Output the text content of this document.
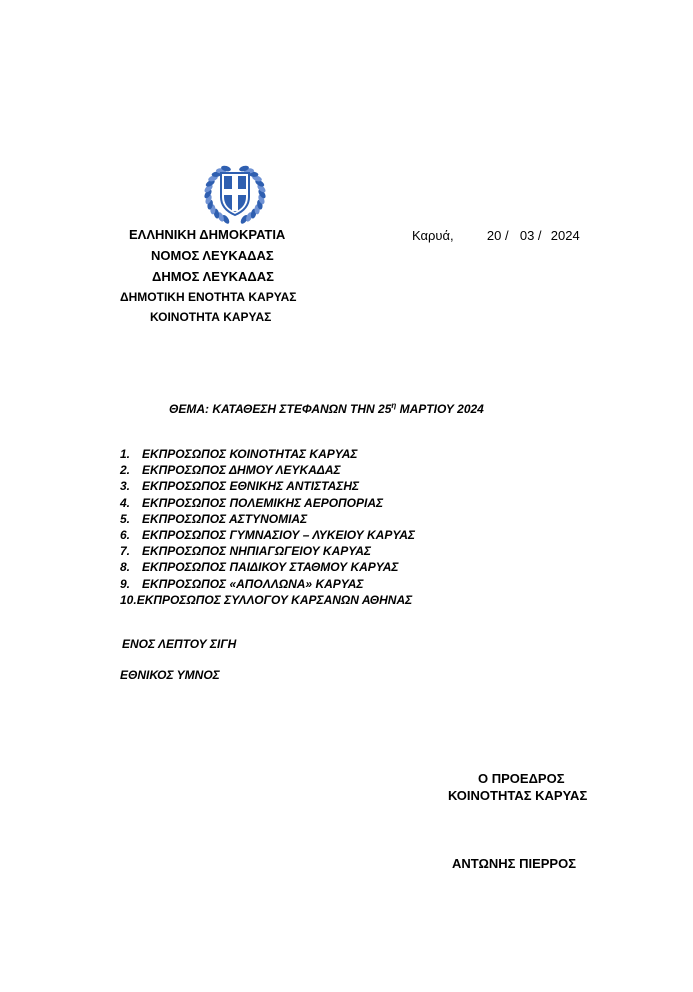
ΕΛΛΗΝΙΚΗ ΔΗΜΟΚΡΑΤΙΑ
ΝΟΜΟΣ ΛΕΥΚΑΔΑΣ
ΔΗΜΟΣ ΛΕΥΚΑΔΑΣ
ΔΗΜΟΤΙΚΗ ΕΝΟΤΗΤΑ ΚΑΡΥΑΣ
ΚΟΙΝΟΤΗΤΑ ΚΑΡΥΑΣ
Καρυά,	20 / 03 / 2024
ΘΕΜΑ: ΚΑΤΑΘΕΣΗ ΣΤΕΦΑΝΩΝ ΤΗΝ $25^\eta$ ΜΑΡΤΙΟΥ 2024
1. ΕΚΠΡΟΣΩΠΟΣ ΚΟΙΝΟΤΗΤΑΣ ΚΑΡΥΑΣ
2. ΕΚΠΡΟΣΩΠΟΣ ΔΗΜΟΥ ΛΕΥΚΑΔΑΣ
3. ΕΚΠΡΟΣΩΠΟΣ ΕΘΝΙΚΗΣ ΑΝΤΙΣΤΑΣΗΣ
4. ΕΚΠΡΟΣΩΠΟΣ ΠΟΛΕΜΙΚΗΣ ΑΕΡΟΠΟΡΙΑΣ
5. ΕΚΠΡΟΣΩΠΟΣ ΑΣΤΥΝΟΜΙΑΣ
6. ΕΚΠΡΟΣΩΠΟΣ ΓΥΜΝΑΣΙΟΥ – ΛΥΚΕΙΟΥ ΚΑΡΥΑΣ
7. ΕΚΠΡΟΣΩΠΟΣ ΝΗΠΙΑΓΩΓΕΙΟΥ ΚΑΡΥΑΣ
8. ΕΚΠΡΟΣΩΠΟΣ ΠΑΙΔΙΚΟΥ ΣΤΑΘΜΟΥ ΚΑΡΥΑΣ
9. ΕΚΠΡΟΣΩΠΟΣ «ΑΠΟΛΛΩΝΑ» ΚΑΡΥΑΣ
10.ΕΚΠΡΟΣΩΠΟΣ ΣΥΛΛΟΓΟΥ ΚΑΡΣΑΝΩΝ ΑΘΗΝΑΣ
ΕΝΟΣ ΛΕΠΤΟΥ ΣΙΓΗ
ΕΘΝΙΚΟΣ ΥΜΝΟΣ
Ο ΠΡΟΕΔΡΟΣ
ΚΟΙΝΟΤΗΤΑΣ ΚΑΡΥΑΣ
ΑΝΤΩΝΗΣ ΠΙΕΡΡΟΣ
